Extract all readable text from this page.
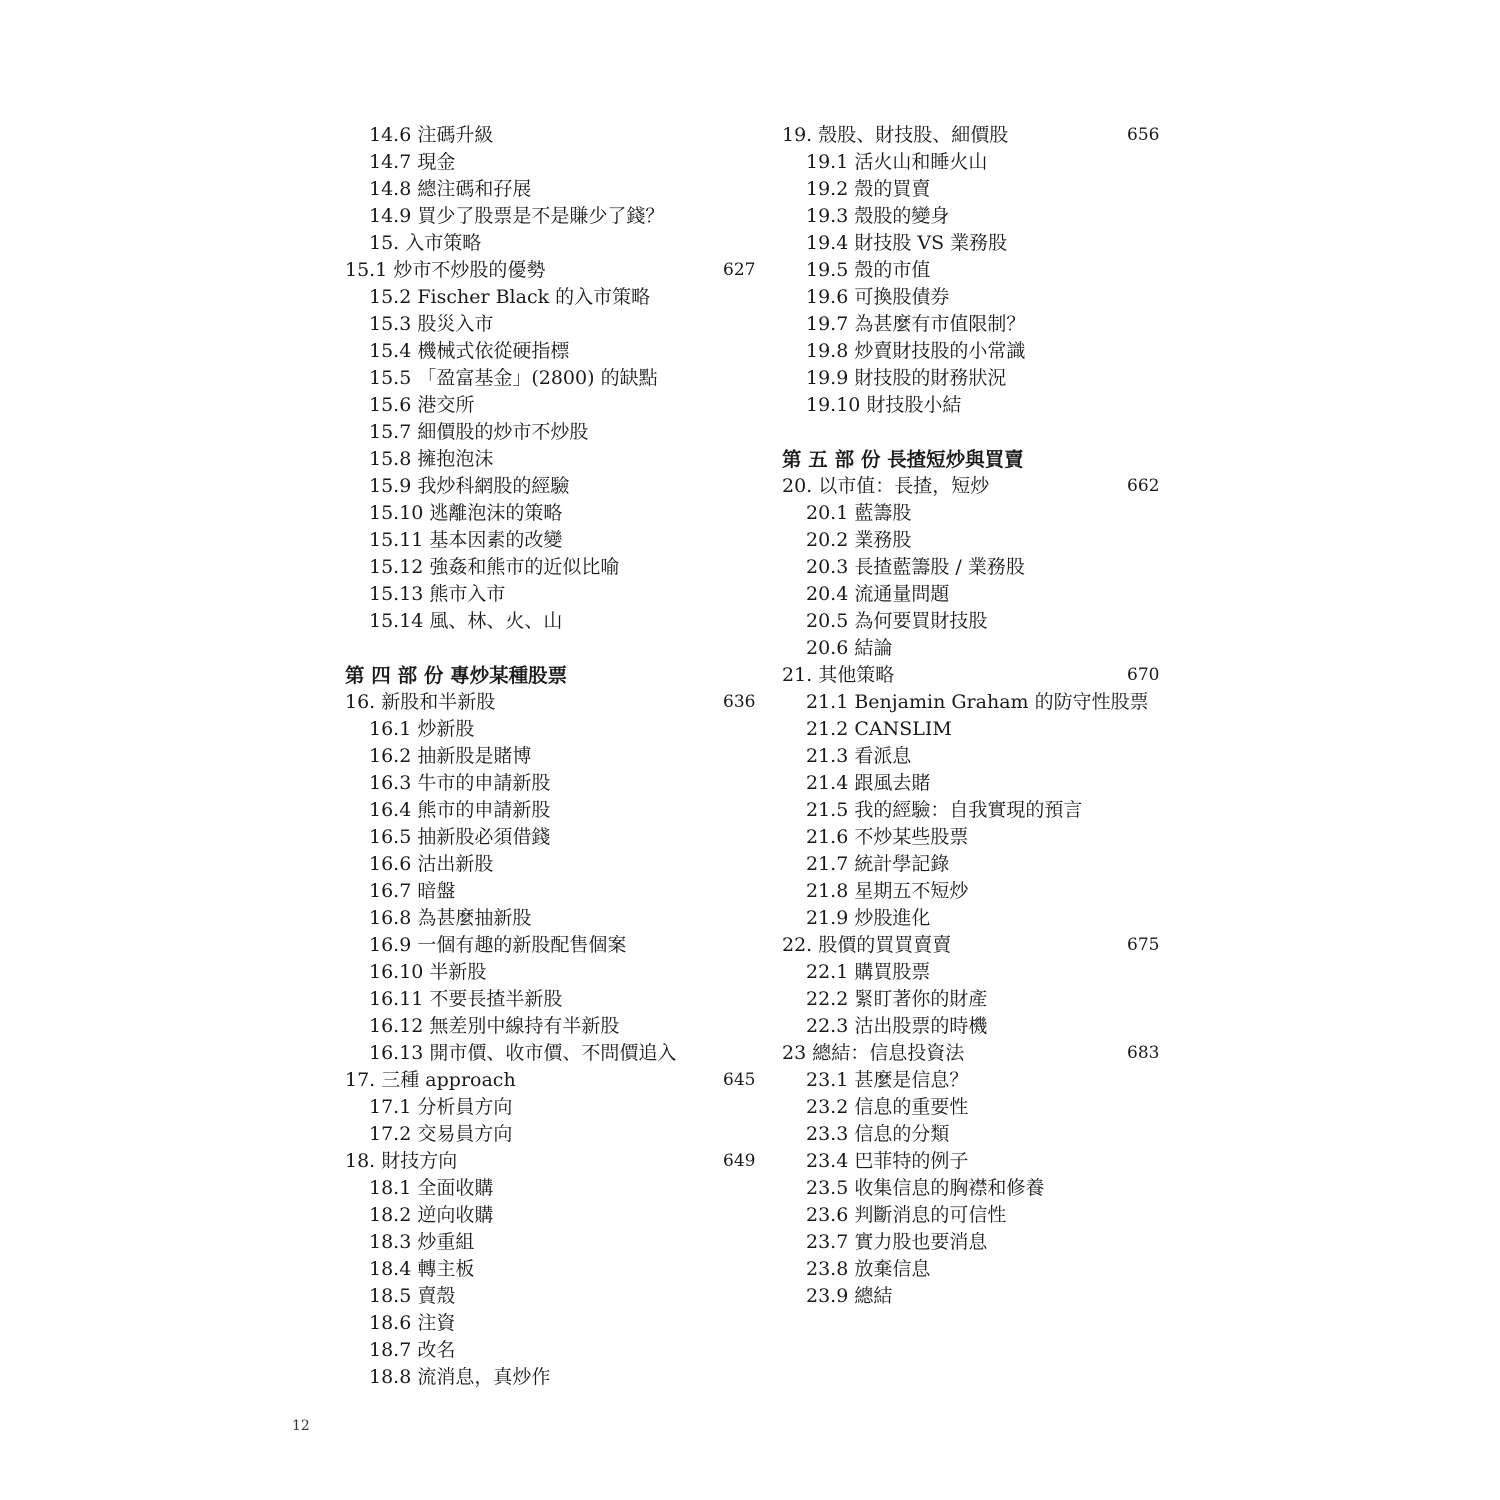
14.6 注碼升級
14.7 現金
14.8 總注碼和孖展
14.9 買少了股票是不是賺少了錢？
15. 入市策略
15.1 炒市不炒股的優勢	627
15.2 Fischer Black 的入市策略
15.3 股災入市
15.4 機械式依從硬指標
15.5 「盈富基金」(2800) 的缺點
15.6 港交所
15.7 細價股的炒市不炒股
15.8 擁抱泡沫
15.9 我炒科網股的經驗
15.10 逃離泡沫的策略
15.11 基本因素的改變
15.12 強姦和熊市的近似比喻
15.13 熊市入市
15.14 風、林、火、山
第 四 部 份 專炒某種股票
16. 新股和半新股	636
16.1 炒新股
16.2 抽新股是賭博
16.3 牛市的申請新股
16.4 熊市的申請新股
16.5 抽新股必須借錢
16.6 沽出新股
16.7 暗盤
16.8 為甚麼抽新股
16.9 一個有趣的新股配售個案
16.10 半新股
16.11 不要長揸半新股
16.12 無差別中線持有半新股
16.13 開市價、收市價、不問價追入
17. 三種 approach	645
17.1 分析員方向
17.2 交易員方向
18. 財技方向	649
18.1 全面收購
18.2 逆向收購
18.3 炒重組
18.4 轉主板
18.5 賣殼
18.6 注資
18.7 改名
18.8 流消息，真炒作
19. 殼股、財技股、細價股	656
19.1 活火山和睡火山
19.2 殼的買賣
19.3 殼股的變身
19.4 財技股 VS 業務股
19.5 殼的市值
19.6 可換股債券
19.7 為甚麼有市值限制？
19.8 炒賣財技股的小常識
19.9 財技股的財務狀況
19.10 財技股小結
第 五 部 份 長揸短炒與買賣
20. 以市值：長揸，短炒	662
20.1 藍籌股
20.2 業務股
20.3 長揸藍籌股 / 業務股
20.4 流通量問題
20.5 為何要買財技股
20.6 結論
21. 其他策略	670
21.1 Benjamin Graham 的防守性股票
21.2 CANSLIM
21.3 看派息
21.4 跟風去賭
21.5 我的經驗：自我實現的預言
21.6 不炒某些股票
21.7 統計學記錄
21.8 星期五不短炒
21.9 炒股進化
22. 股價的買買賣賣	675
22.1 購買股票
22.2 緊盯著你的財產
22.3 沽出股票的時機
23 總結：信息投資法	683
23.1 甚麼是信息？
23.2 信息的重要性
23.3 信息的分類
23.4 巴菲特的例子
23.5 收集信息的胸襟和修養
23.6 判斷消息的可信性
23.7 實力股也要消息
23.8 放棄信息
23.9 總結
12
